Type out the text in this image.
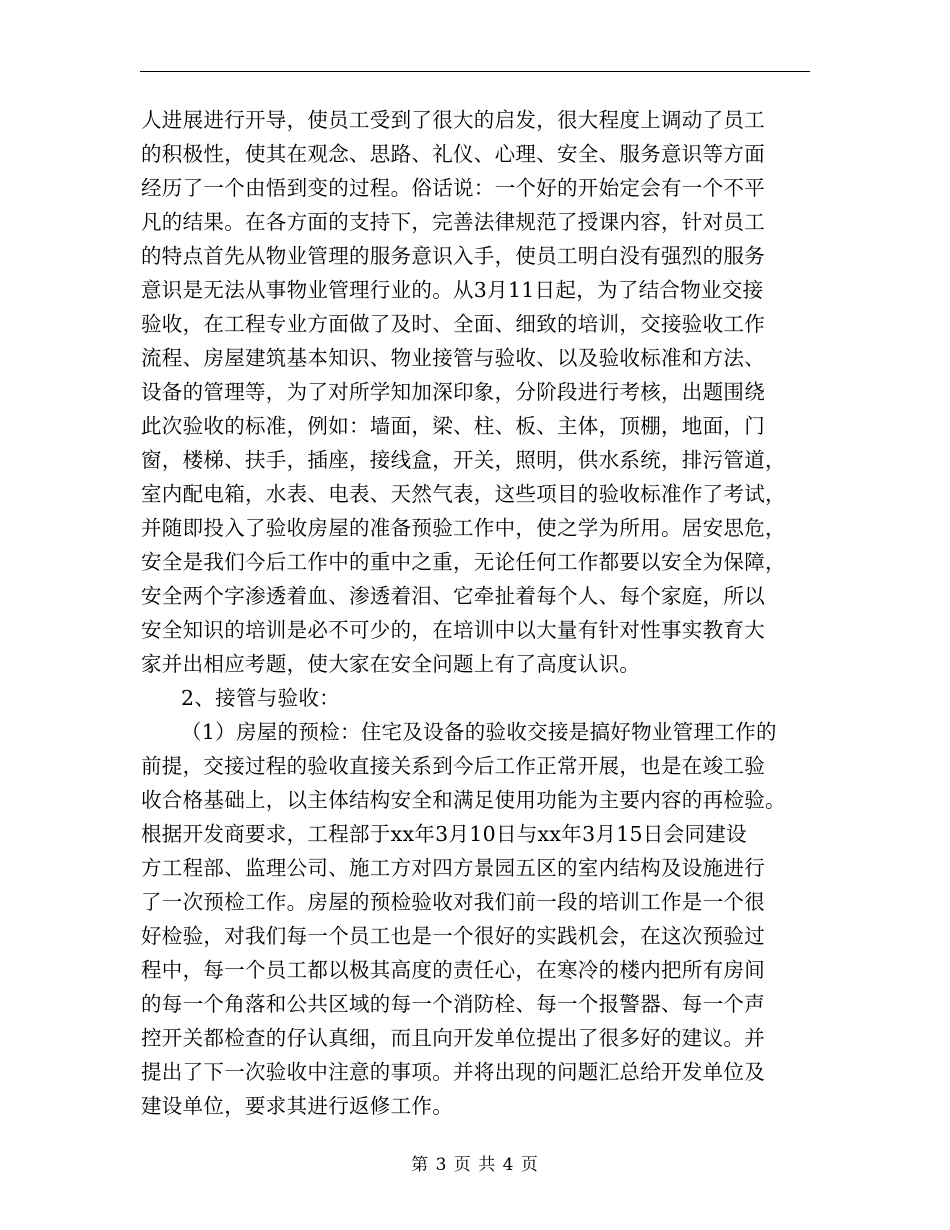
人进展进行开导，使员工受到了很大的启发，很大程度上调动了员工
的积极性，使其在观念、思路、礼仪、心理、安全、服务意识等方面
经历了一个由悟到变的过程。俗话说：一个好的开始定会有一个不平
凡的结果。在各方面的支持下，完善法律规范了授课内容，针对员工
的特点首先从物业管理的服务意识入手，使员工明白没有强烈的服务
意识是无法从事物业管理行业的。从3月11日起，为了结合物业交接
验收，在工程专业方面做了及时、全面、细致的培训，交接验收工作
流程、房屋建筑基本知识、物业接管与验收、以及验收标准和方法、
设备的管理等，为了对所学知加深印象，分阶段进行考核，出题围绕
此次验收的标准，例如：墙面，梁、柱、板、主体，顶棚，地面，门
窗，楼梯、扶手，插座，接线盒，开关，照明，供水系统，排污管道，
室内配电箱，水表、电表、天然气表，这些项目的验收标准作了考试，
并随即投入了验收房屋的准备预验工作中，使之学为所用。居安思危，
安全是我们今后工作中的重中之重，无论任何工作都要以安全为保障，
安全两个字渗透着血、渗透着泪、它牵扯着每个人、每个家庭，所以
安全知识的培训是必不可少的，在培训中以大量有针对性事实教育大
家并出相应考题，使大家在安全问题上有了高度认识。
2、接管与验收：
（1）房屋的预检：住宅及设备的验收交接是搞好物业管理工作的
前提，交接过程的验收直接关系到今后工作正常开展，也是在竣工验
收合格基础上，以主体结构安全和满足使用功能为主要内容的再检验。
根据开发商要求，工程部于xx年3月10日与xx年3月15日会同建设
方工程部、监理公司、施工方对四方景园五区的室内结构及设施进行
了一次预检工作。房屋的预检验收对我们前一段的培训工作是一个很
好检验，对我们每一个员工也是一个很好的实践机会，在这次预验过
程中，每一个员工都以极其高度的责任心，在寒冷的楼内把所有房间
的每一个角落和公共区域的每一个消防栓、每一个报警器、每一个声
控开关都检查的仔认真细，而且向开发单位提出了很多好的建议。并
提出了下一次验收中注意的事项。并将出现的问题汇总给开发单位及
建设单位，要求其进行返修工作。
第 3 页 共 4 页
